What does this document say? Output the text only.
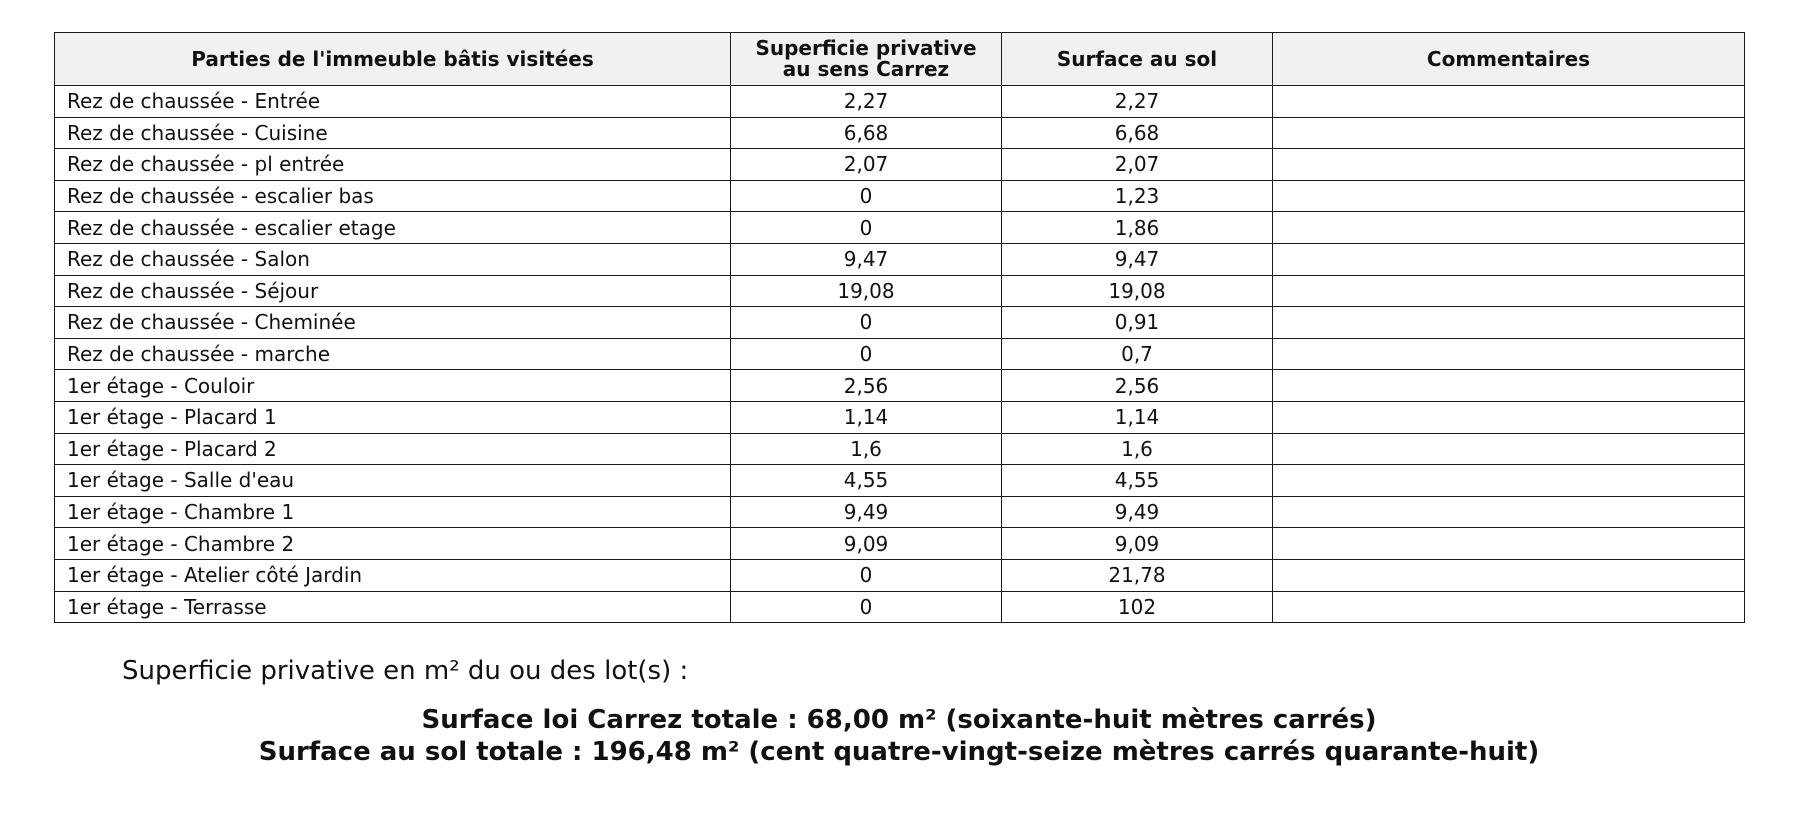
Parties de l'immeuble bâtis visitées	Superficie privative au sens Carrez	Surface au sol	Commentaires
Rez de chaussée - Entrée	2,27	2,27	
Rez de chaussée - Cuisine	6,68	6,68	
Rez de chaussée - pl entrée	2,07	2,07	
Rez de chaussée - escalier bas	0	1,23	
Rez de chaussée - escalier etage	0	1,86	
Rez de chaussée - Salon	9,47	9,47	
Rez de chaussée - Séjour	19,08	19,08	
Rez de chaussée - Cheminée	0	0,91	
Rez de chaussée - marche	0	0,7	
1er étage - Couloir	2,56	2,56	
1er étage - Placard 1	1,14	1,14	
1er étage - Placard 2	1,6	1,6	
1er étage - Salle d'eau	4,55	4,55	
1er étage - Chambre 1	9,49	9,49	
1er étage - Chambre 2	9,09	9,09	
1er étage - Atelier côté Jardin	0	21,78	
1er étage - Terrasse	0	102	
Superficie privative en m² du ou des lot(s) :
Surface loi Carrez totale : 68,00 m² (soixante-huit mètres carrés)
Surface au sol totale : 196,48 m² (cent quatre-vingt-seize mètres carrés quarante-huit)
